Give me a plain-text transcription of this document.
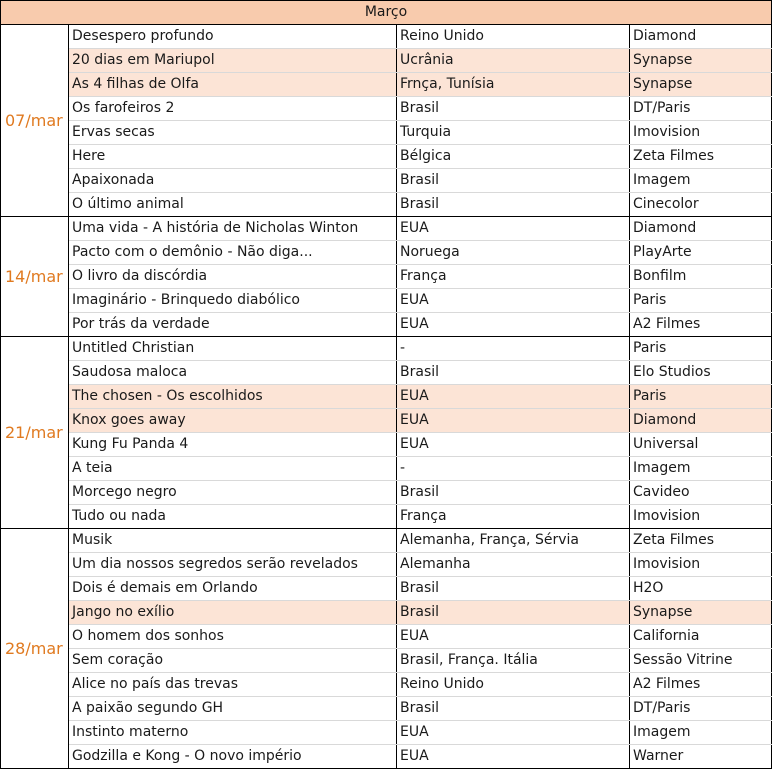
Março			
07/mar	Desespero profundo	Reino Unido	Diamond
	20 dias em Mariupol	Ucrânia	Synapse
	As 4 filhas de Olfa	Frnça, Tunísia	Synapse
	Os farofeiros 2	Brasil	DT/Paris
	Ervas secas	Turquia	Imovision
	Here	Bélgica	Zeta Filmes
	Apaixonada	Brasil	Imagem
	O último animal	Brasil	Cinecolor
14/mar	Uma vida - A história de Nicholas Winton	EUA	Diamond
	Pacto com o demônio - Não diga...	Noruega	PlayArte
	O livro da discórdia	França	Bonfilm
	Imaginário - Brinquedo diabólico	EUA	Paris
	Por trás da verdade	EUA	A2 Filmes
21/mar	Untitled Christian	-	Paris
	Saudosa maloca	Brasil	Elo Studios
	The chosen - Os escolhidos	EUA	Paris
	Knox goes away	EUA	Diamond
	Kung Fu Panda 4	EUA	Universal
	A teia	-	Imagem
	Morcego negro	Brasil	Cavideo
	Tudo ou nada	França	Imovision
28/mar	Musik	Alemanha, França, Sérvia	Zeta Filmes
	Um dia nossos segredos serão revelados	Alemanha	Imovision
	Dois é demais em Orlando	Brasil	H2O
	Jango no exílio	Brasil	Synapse
	O homem dos sonhos	EUA	California
	Sem coração	Brasil, França. Itália	Sessão Vitrine
	Alice no país das trevas	Reino Unido	A2 Filmes
	A paixão segundo GH	Brasil	DT/Paris
	Instinto materno	EUA	Imagem
	Godzilla e Kong - O novo império	EUA	Warner
